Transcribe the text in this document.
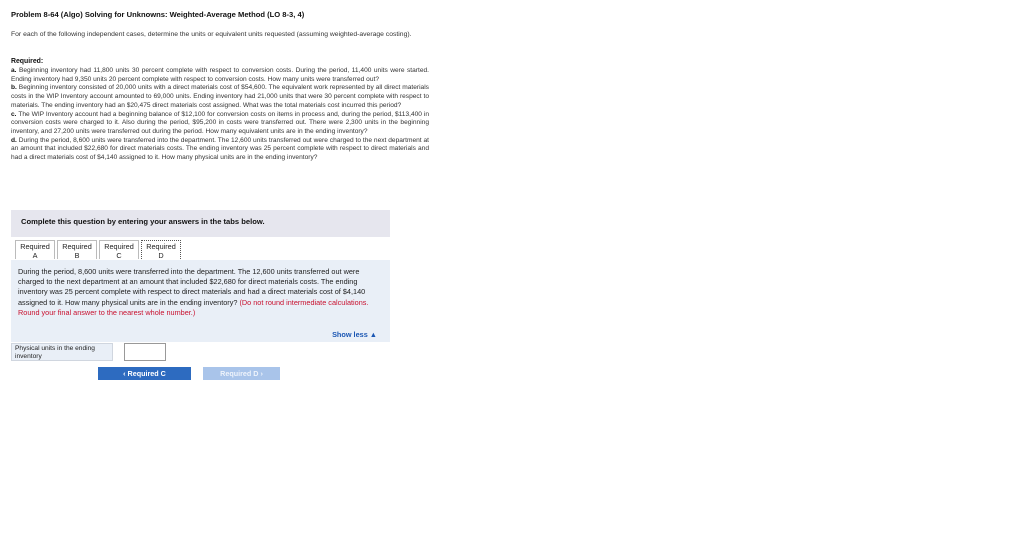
Problem 8-64 (Algo) Solving for Unknowns: Weighted-Average Method (LO 8-3, 4)
For each of the following independent cases, determine the units or equivalent units requested (assuming weighted-average costing).
Required:

a. Beginning inventory had 11,800 units 30 percent complete with respect to conversion costs. During the period, 11,400 units were started. Ending inventory had 9,350 units 20 percent complete with respect to conversion costs. How many units were transferred out?

b. Beginning inventory consisted of 20,000 units with a direct materials cost of $54,600. The equivalent work represented by all direct materials costs in the WIP Inventory account amounted to 69,000 units. Ending inventory had 21,000 units that were 30 percent complete with respect to materials. The ending inventory had an $20,475 direct materials cost assigned. What was the total materials cost incurred this period?

c. The WIP Inventory account had a beginning balance of $12,100 for conversion costs on items in process and, during the period, $113,400 in conversion costs were charged to it. Also during the period, $95,200 in costs were transferred out. There were 2,300 units in the beginning inventory, and 27,200 units were transferred out during the period. How many equivalent units are in the ending inventory?

d. During the period, 8,600 units were transferred into the department. The 12,600 units transferred out were charged to the next department at an amount that included $22,680 for direct materials costs. The ending inventory was 25 percent complete with respect to direct materials and had a direct materials cost of $4,140 assigned to it. How many physical units are in the ending inventory?

Complete this question by entering your answers in the tabs below.
Required
A
Required
B
Required
C
Required
D
During the period, 8,600 units were transferred into the department. The 12,600 units transferred out were charged to the next department at an amount that included $22,680 for direct materials costs. The ending inventory was 25 percent complete with respect to direct materials and had a direct materials cost of $4,140 assigned to it. How many physical units are in the ending inventory? (Do not round intermediate calculations. Round your final answer to the nearest whole number.)
Show less ▲
Physical units in the ending inventory
‹ Required C	Required D ›
